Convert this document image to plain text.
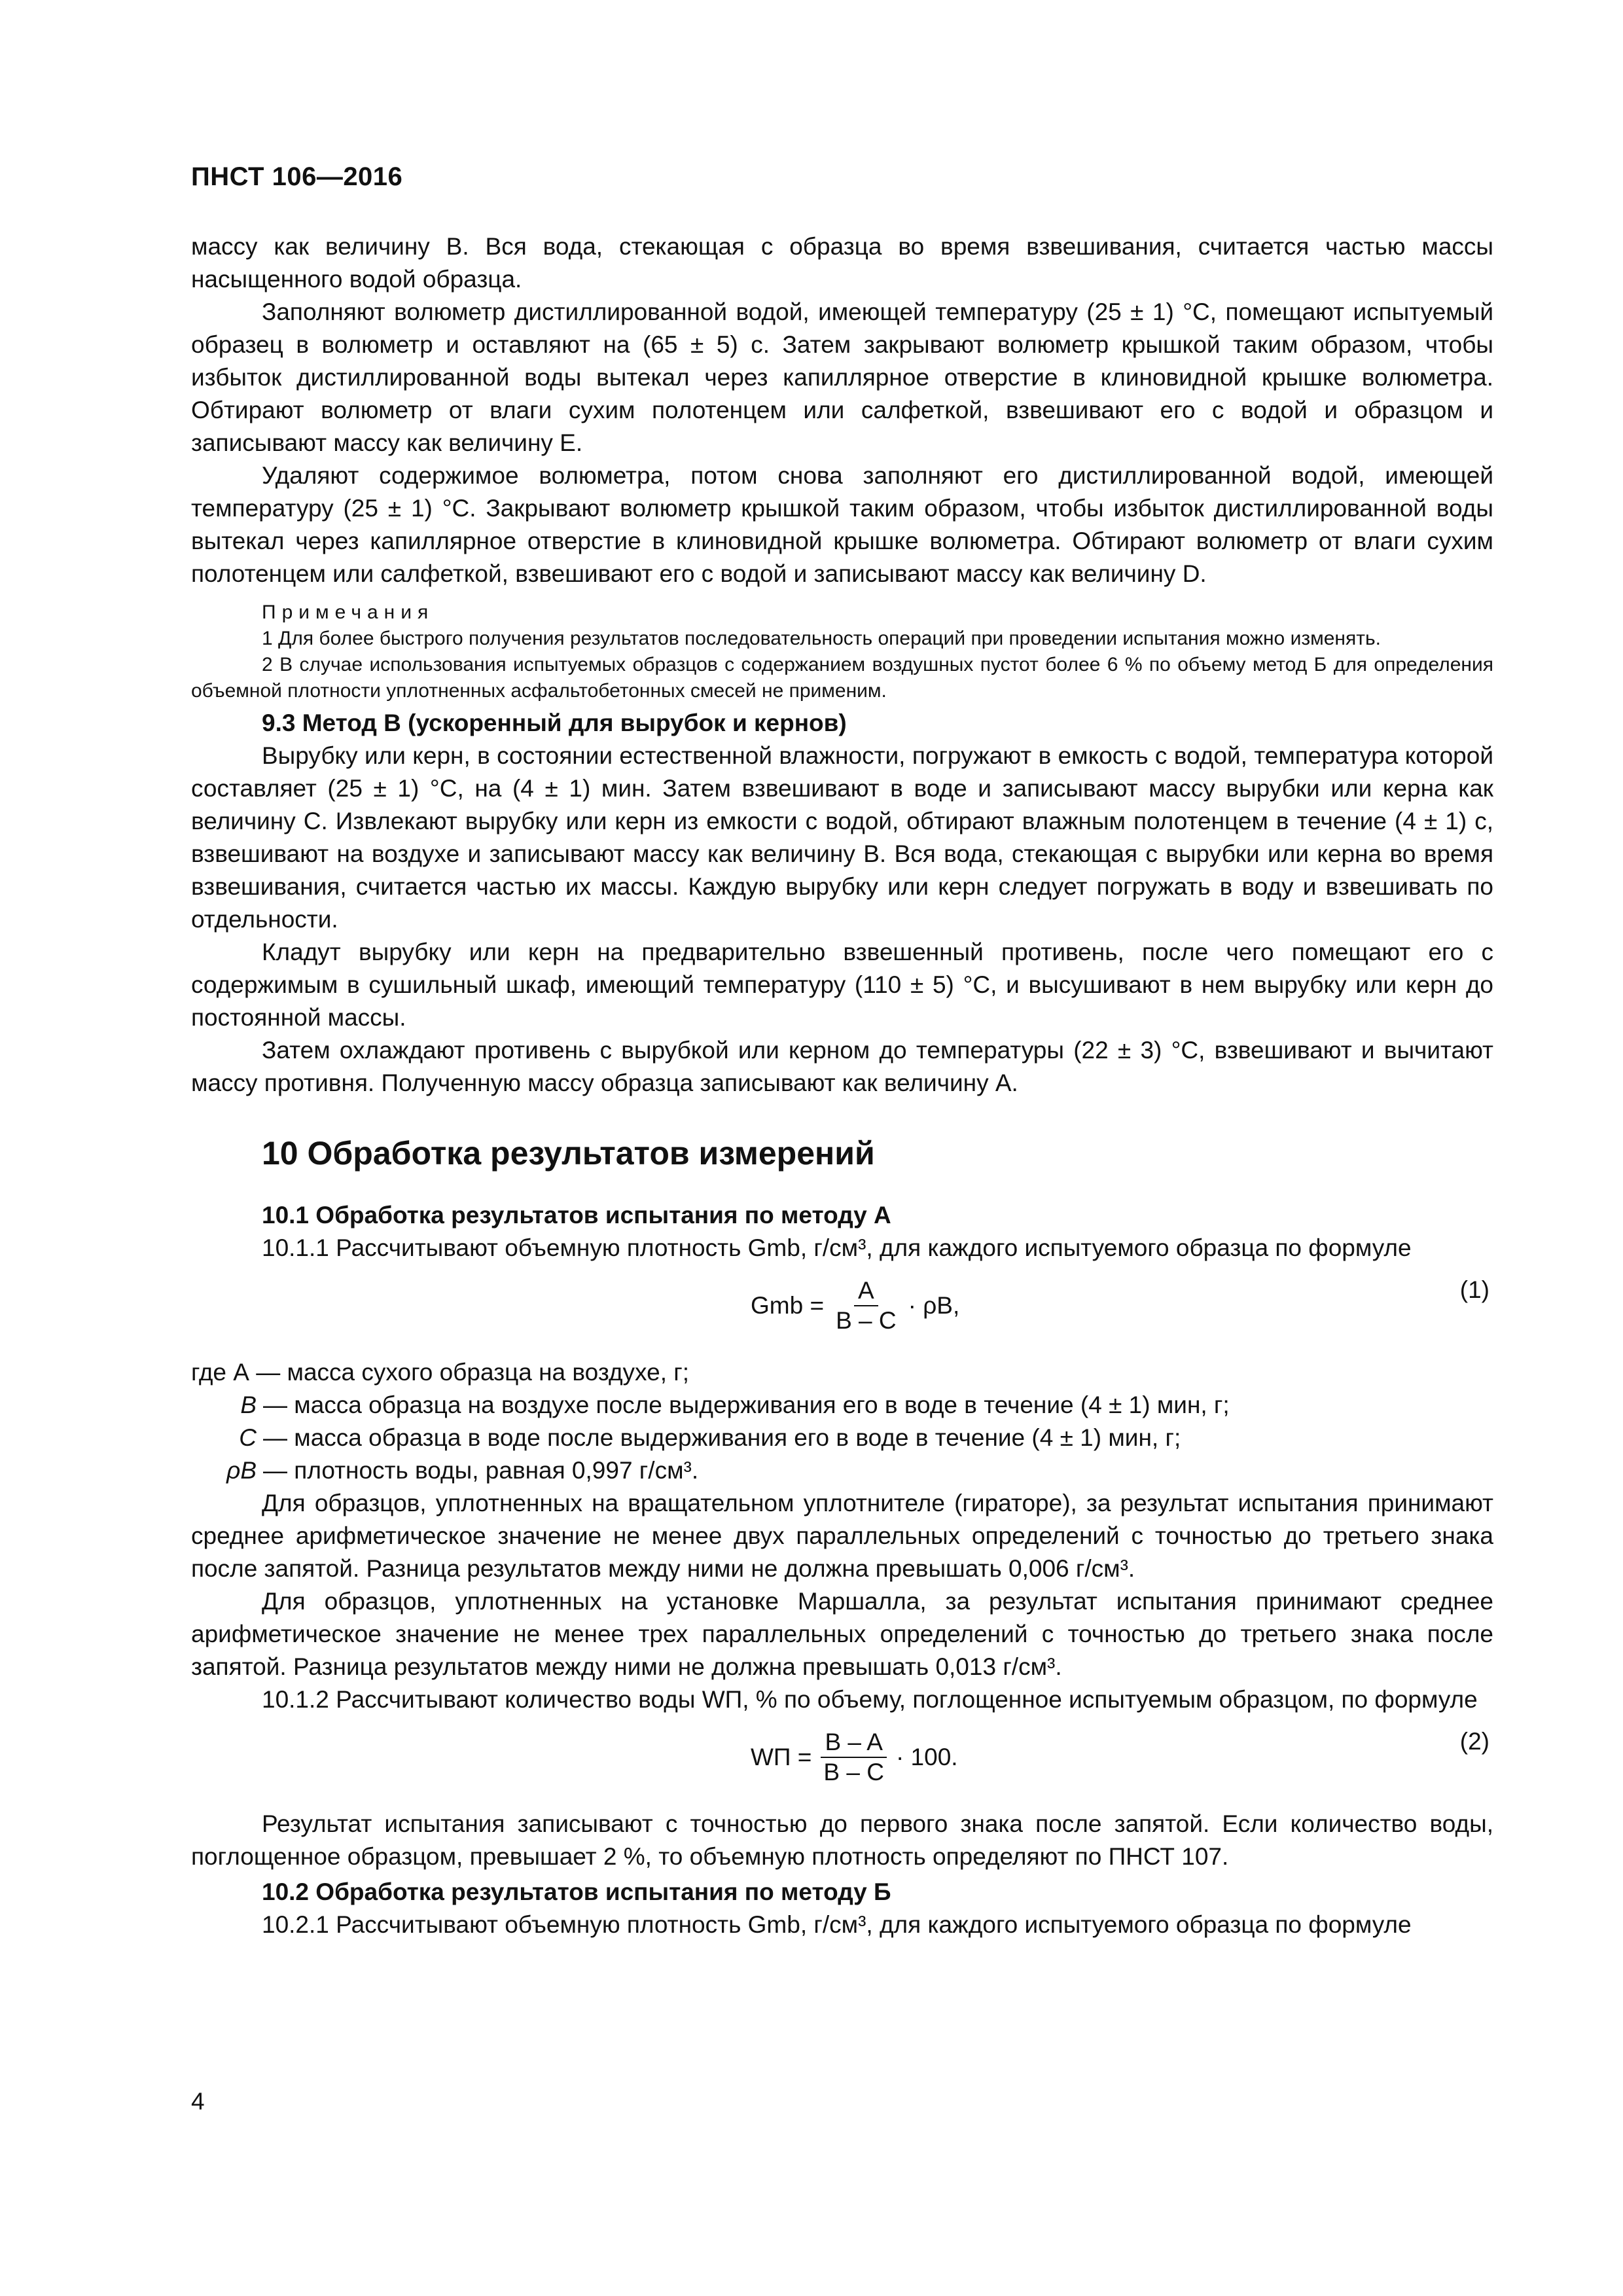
ПНСТ 106—2016

массу как величину В. Вся вода, стекающая с образца во время взвешивания, считается частью массы насыщенного водой образца.

Заполняют волюметр дистиллированной водой, имеющей температуру (25 ± 1) °С, помещают испытуемый образец в волюметр и оставляют на (65 ± 5) с. Затем закрывают волюметр крышкой таким образом, чтобы избыток дистиллированной воды вытекал через капиллярное отверстие в клиновидной крышке волюметра. Обтирают волюметр от влаги сухим полотенцем или салфеткой, взвешивают его с водой и образцом и записывают массу как величину Е.

Удаляют содержимое волюметра, потом снова заполняют его дистиллированной водой, имеющей температуру (25 ± 1) °С. Закрывают волюметр крышкой таким образом, чтобы избыток дистиллированной воды вытекал через капиллярное отверстие в клиновидной крышке волюметра. Обтирают волюметр от влаги сухим полотенцем или салфеткой, взвешивают его с водой и записывают массу как величину D.

Примечания
1 Для более быстрого получения результатов последовательность операций при проведении испытания можно изменять.
2 В случае использования испытуемых образцов с содержанием воздушных пустот более 6 % по объему метод Б для определения объемной плотности уплотненных асфальтобетонных смесей не применим.
9.3 Метод В (ускоренный для вырубок и кернов)

Вырубку или керн, в состоянии естественной влажности, погружают в емкость с водой, температура которой составляет (25 ± 1) °С, на (4 ± 1) мин. Затем взвешивают в воде и записывают массу вырубки или керна как величину С. Извлекают вырубку или керн из емкости с водой, обтирают влажным полотенцем в течение (4 ± 1) с, взвешивают на воздухе и записывают массу как величину В. Вся вода, стекающая с вырубки или керна во время взвешивания, считается частью их массы. Каждую вырубку или керн следует погружать в воду и взвешивать по отдельности.

Кладут вырубку или керн на предварительно взвешенный противень, после чего помещают его с содержимым в сушильный шкаф, имеющий температуру (110 ± 5) °С, и высушивают в нем вырубку или керн до постоянной массы.

Затем охлаждают противень с вырубкой или керном до температуры (22 ± 3) °С, взвешивают и вычитают массу противня. Полученную массу образца записывают как величину А.

10 Обработка результатов измерений
10.1 Обработка результатов испытания по методу А

10.1.1 Рассчитывают объемную плотность Gmb, г/см³, для каждого испытуемого образца по формуле

Gmb = $\frac{A}{B - C} \cdot \rho B$,
(1)
где А
— масса сухого образца на воздухе, г;
В — масса образца на воздухе после выдерживания его в воде в течение (4 ± 1) мин, г;
С — масса образца в воде после выдерживания его в воде в течение (4 ± 1) мин, г;
ρB — плотность воды, равная 0,997 г/см³.

Для образцов, уплотненных на вращательном уплотнителе (гираторе), за результат испытания принимают среднее арифметическое значение не менее двух параллельных определений с точностью до третьего знака после запятой. Разница результатов между ними не должна превышать 0,006 г/см³.

Для образцов, уплотненных на установке Маршалла, за результат испытания принимают среднее арифметическое значение не менее трех параллельных определений с точностью до третьего знака после запятой. Разница результатов между ними не должна превышать 0,013 г/см³.

10.1.2 Рассчитывают количество воды WП, % по объему, поглощенное испытуемым образцом, по формуле

WП = $\frac{B - A}{B - C} \cdot 100$.
(2)

Результат испытания записывают с точностью до первого знака после запятой. Если количество воды, поглощенное образцом, превышает 2 %, то объемную плотность определяют по ПНСТ 107.

10.2 Обработка результатов испытания по методу Б

10.2.1 Рассчитывают объемную плотность Gmb, г/см³, для каждого испытуемого образца по формуле

4
